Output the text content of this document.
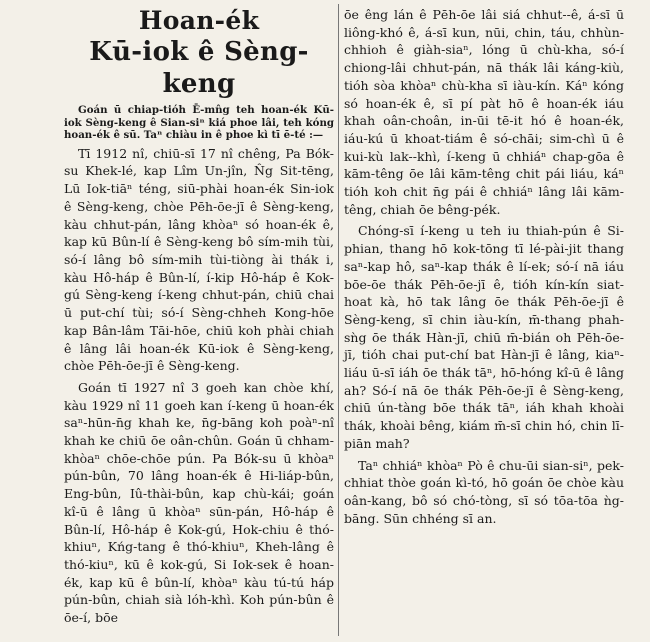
Hoan-ék
Kū-iok ê Sèng-keng

Goán ū chiap-tióh Ē-mn̂g teh hoan-ék Kū-iok Sèng-keng ê Sian-siⁿ kiá phoe lâi, teh kóng hoan-ék ê sū. Taⁿ chiàu in ê phoe kì tī ē-té :—

Tī 1912 nî, chiū-sī 17 nî chêng, Pa Bók-su Khek-lé, kap Lîm Un-jîn, N̂g Sit-tēng, Lū Iok-tiāⁿ téng, siū-phài hoan-ék Sin-iok ê Sèng-keng, chòe Pēh-ōe-jī ê Sèng-keng, kàu chhut-pán, lâng khòaⁿ só hoan-ék ê, kap kū Bûn-lí ê Sèng-keng bô sím-mih tùi, só-í lâng bô sím-mih tùi-tiòng ài thák i, kàu Hô-háp ê Bûn-lí, í-kip Hô-háp ê Kok-gú Sèng-keng í-keng chhut-pán, chiū chai ū put-chí tùi; só-í Sèng-chheh Kong-hōe kap Bân-lâm Tāi-hōe, chiū koh phài chiah ê lâng lâi hoan-ék Kū-iok ê Sèng-keng, chòe Pēh-ōe-jī ê Sèng-keng.

Goán tī 1927 nî 3 goeh kan chòe khí, kàu 1929 nî 11 goeh kan í-keng ū hoan-ék saⁿ-hūn-n̄g khah ke, n̄g-bāng koh poàⁿ-nî khah ke chiū ōe oân-chûn. Goán ū chham-khòaⁿ chōe-chōe pún. Pa Bók-su ū khòaⁿ pún-bûn, 70 lâng hoan-ék ê Hi-liáp-bûn, Eng-bûn, Iû-thài-bûn, kap chù-kái; goán kî-ū ê lâng ū khòaⁿ sūn-pán, Hô-háp ê Bûn-lí, Hô-háp ê Kok-gú, Hok-chiu ê thó-khiuⁿ, Kńg-tang ê thó-khiuⁿ, Kheh-lâng ê thó-kiuⁿ, kū ê kok-gú, Si Iok-sek ê hoan-ék, kap kū ê bûn-lí, khòaⁿ kàu tú-tú háp pún-bûn, chiah sià lóh-khì. Koh pún-bûn ê ōe-í, bōe

ōe êng lán ê Pēh-ōe lâi siá chhut--ê, á-sī ū liông-khó ê, á-sī kun, nūi, chin, táu, chhùn-chhioh ê giàh-siaⁿ, lóng ū chù-kha, só-í chiong-lâi chhut-pán, nā thák lâi káng-kiù, tióh sòa khòaⁿ chù-kha sī iàu-kín. Káⁿ kóng só hoan-ék ê, sī pí pàt hō ê hoan-ék iáu khah oân-choân, in-ūi tē-it hó ê hoan-ék, iáu-kú ū khoat-tiám ê só-chāi; sim-chì ū ê kui-kù lak--khì, í-keng ū chhiáⁿ chap-gōa ê kām-têng ōe lâi kām-têng chit pái liáu, káⁿ tióh koh chit n̄g pái ê chhiáⁿ lâng lâi kām-têng, chiah ōe bêng-pék.

Chóng-sī í-keng u teh iu thiah-pún ê Si-phian, thang hō kok-tōng tī lé-pài-jit thang saⁿ-kap hô, saⁿ-kap thák ê lí-ek; só-í nā iáu bōe-ōe thák Pēh-ōe-jī ê, tióh kín-kín siat-hoat kà, hō tak lâng ōe thák Pēh-ōe-jī ê Sèng-keng, sī chin iàu-kín, m̄-thang phah-sǹg ōe thák Hàn-jī, chiū m̄-bián oh Pēh-ōe-jī, tióh chai put-chí bat Hàn-jī ê lâng, kiaⁿ-liáu ū-sī iáh ōe thák tāⁿ, hō-hóng kî-ū ê lâng ah? Só-í nā ōe thák Pēh-ōe-jī ê Sèng-keng, chiū ún-tàng bōe thák tāⁿ, iáh khah khoài thák, khoài bêng, kiám m̄-sī chin hó, chin lī-piān mah?

Taⁿ chhiáⁿ khòaⁿ Pò ê chu-ūi sian-siⁿ, pek-chhiat thòe goán kì-tó, hō goán ōe chòe kàu oân-kang, bô só chó-tòng, sī só tōa-tōa ǹg-bāng. Sūn chhéng sī an.
